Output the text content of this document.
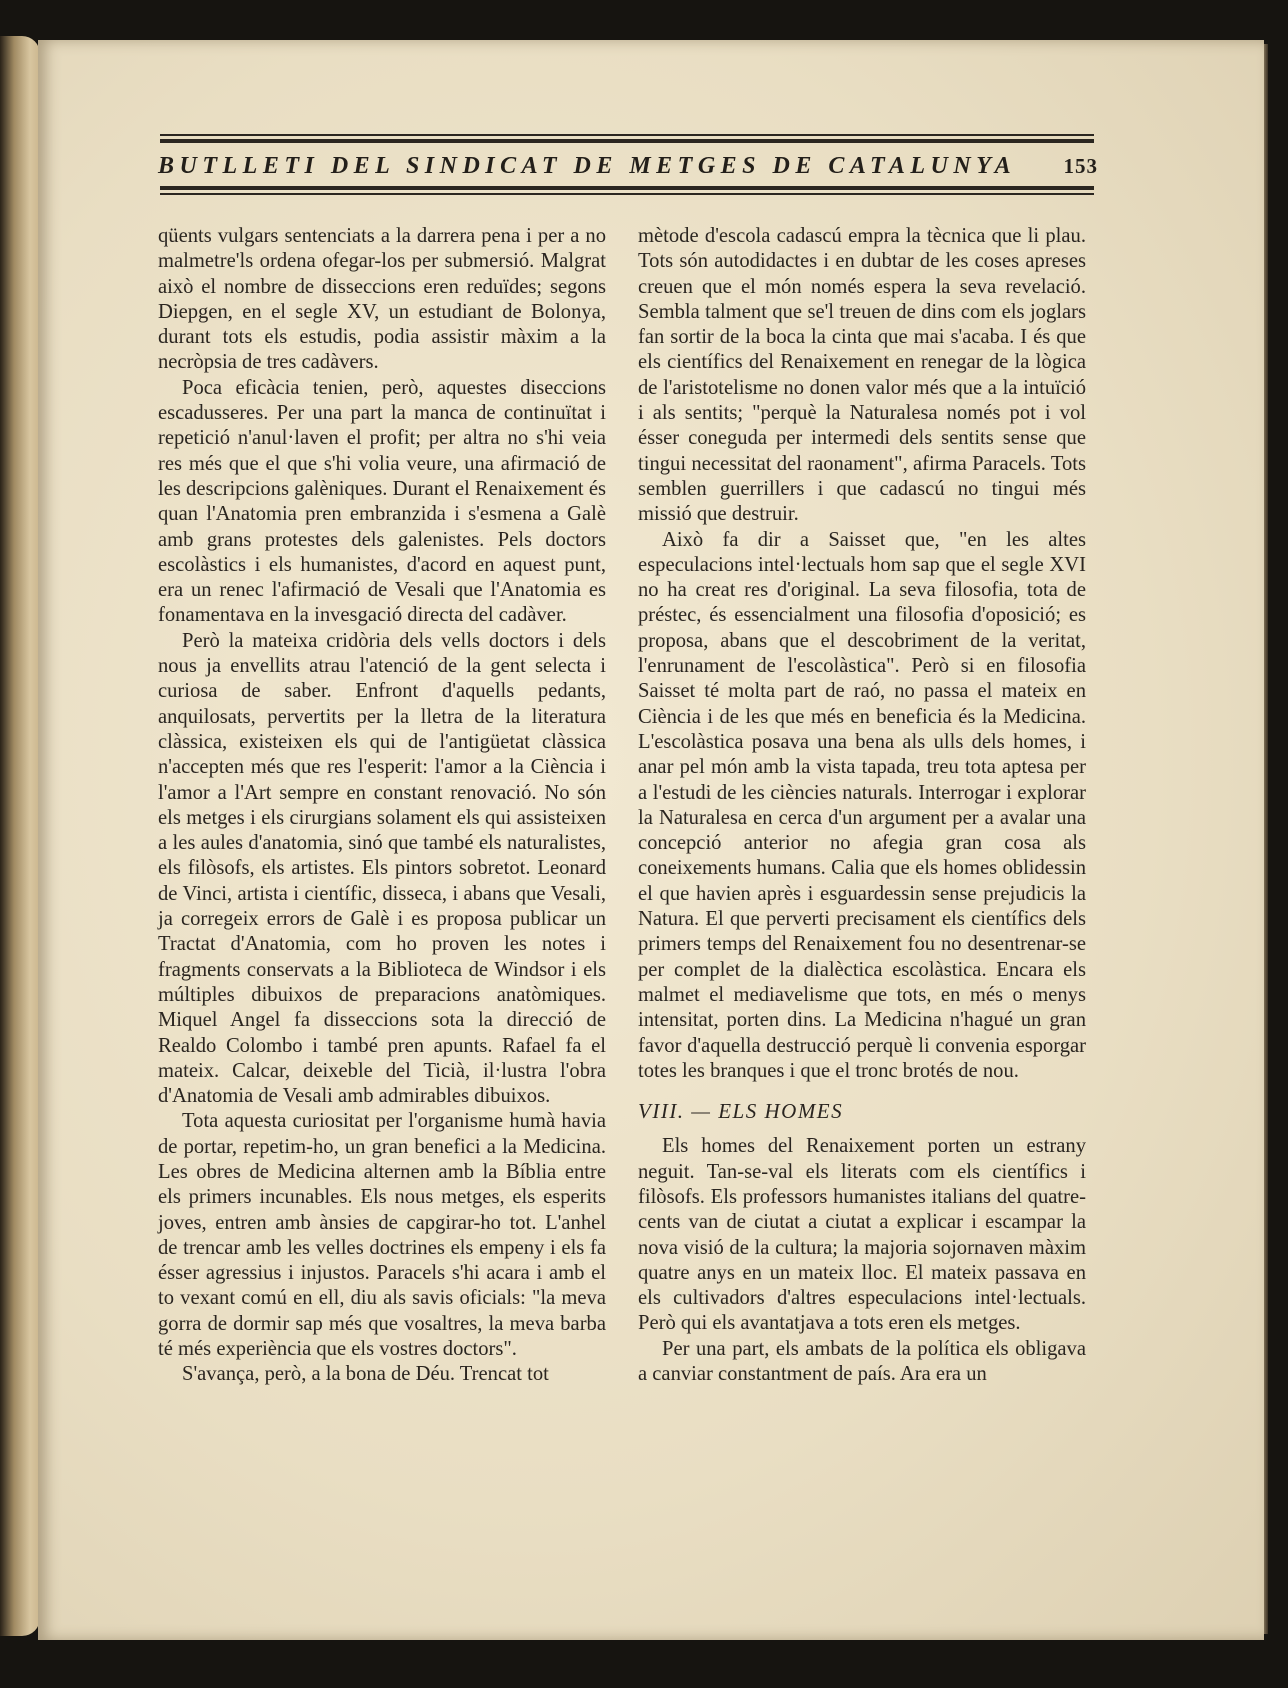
BUTLLETI DEL SINDICAT DE METGES DE CATALUNYA 153

qüents vulgars sentenciats a la darrera pena i per a no malmetre'ls ordena ofegar-los per submersió. Malgrat això el nombre de disseccions eren reduïdes; segons Diepgen, en el segle XV, un estudiant de Bolonya, durant tots els estudis, podia assistir màxim a la necròpsia de tres cadàvers.

Poca eficàcia tenien, però, aquestes diseccions escadusseres. Per una part la manca de continuïtat i repetició n'anul·laven el profit; per altra no s'hi veia res més que el que s'hi volia veure, una afirmació de les descripcions galèniques. Durant el Renaixement és quan l'Anatomia pren embranzida i s'esmena a Galè amb grans protestes dels galenistes. Pels doctors escolàstics i els humanistes, d'acord en aquest punt, era un renec l'afirmació de Vesali que l'Anatomia es fonamentava en la invesgació directa del cadàver.

Però la mateixa cridòria dels vells doctors i dels nous ja envellits atrau l'atenció de la gent selecta i curiosa de saber. Enfront d'aquells pedants, anquilosats, pervertits per la lletra de la literatura clàssica, existeixen els qui de l'antigüetat clàssica n'accepten més que res l'esperit: l'amor a la Ciència i l'amor a l'Art sempre en constant renovació. No són els metges i els cirurgians solament els qui assisteixen a les aules d'anatomia, sinó que també els naturalistes, els filòsofs, els artistes. Els pintors sobretot. Leonard de Vinci, artista i científic, disseca, i abans que Vesali, ja corregeix errors de Galè i es proposa publicar un Tractat d'Anatomia, com ho proven les notes i fragments conservats a la Biblioteca de Windsor i els múltiples dibuixos de preparacions anatòmiques. Miquel Angel fa disseccions sota la direcció de Realdo Colombo i també pren apunts. Rafael fa el mateix. Calcar, deixeble del Ticià, il·lustra l'obra d'Anatomia de Vesali amb admirables dibuixos.

Tota aquesta curiositat per l'organisme humà havia de portar, repetim-ho, un gran benefici a la Medicina. Les obres de Medicina alternen amb la Bíblia entre els primers incunables. Els nous metges, els esperits joves, entren amb ànsies de capgirar-ho tot. L'anhel de trencar amb les velles doctrines els empeny i els fa ésser agressius i injustos. Paracels s'hi acara i amb el to vexant comú en ell, diu als savis oficials: "la meva gorra de dormir sap més que vosaltres, la meva barba té més experiència que els vostres doctors".

S'avança, però, a la bona de Déu. Trencat tot

mètode d'escola cadascú empra la tècnica que li plau. Tots són autodidactes i en dubtar de les coses apreses creuen que el món només espera la seva revelació. Sembla talment que se'l treuen de dins com els joglars fan sortir de la boca la cinta que mai s'acaba. I és que els científics del Renaixement en renegar de la lògica de l'aristotelisme no donen valor més que a la intuïció i als sentits; "perquè la Naturalesa només pot i vol ésser coneguda per intermedi dels sentits sense que tingui necessitat del raonament", afirma Paracels. Tots semblen guerrillers i que cadascú no tingui més missió que destruir.

Això fa dir a Saisset que, "en les altes especulacions intel·lectuals hom sap que el segle XVI no ha creat res d'original. La seva filosofia, tota de préstec, és essencialment una filosofia d'oposició; es proposa, abans que el descobriment de la veritat, l'enrunament de l'escolàstica". Però si en filosofia Saisset té molta part de raó, no passa el mateix en Ciència i de les que més en beneficia és la Medicina. L'escolàstica posava una bena als ulls dels homes, i anar pel món amb la vista tapada, treu tota aptesa per a l'estudi de les ciències naturals. Interrogar i explorar la Naturalesa en cerca d'un argument per a avalar una concepció anterior no afegia gran cosa als coneixements humans. Calia que els homes oblidessin el que havien après i esguardessin sense prejudicis la Natura. El que perverti precisament els científics dels primers temps del Renaixement fou no desentrenar-se per complet de la dialèctica escolàstica. Encara els malmet el mediavelisme que tots, en més o menys intensitat, porten dins. La Medicina n'hagué un gran favor d'aquella destrucció perquè li convenia esporgar totes les branques i que el tronc brotés de nou.

VIII. — ELS HOMES

Els homes del Renaixement porten un estrany neguit. Tan-se-val els literats com els científics i filòsofs. Els professors humanistes italians del quatre-cents van de ciutat a ciutat a explicar i escampar la nova visió de la cultura; la majoria sojornaven màxim quatre anys en un mateix lloc. El mateix passava en els cultivadors d'altres especulacions intel·lectuals. Però qui els avantatjava a tots eren els metges.

Per una part, els ambats de la política els obligava a canviar constantment de país. Ara era un
